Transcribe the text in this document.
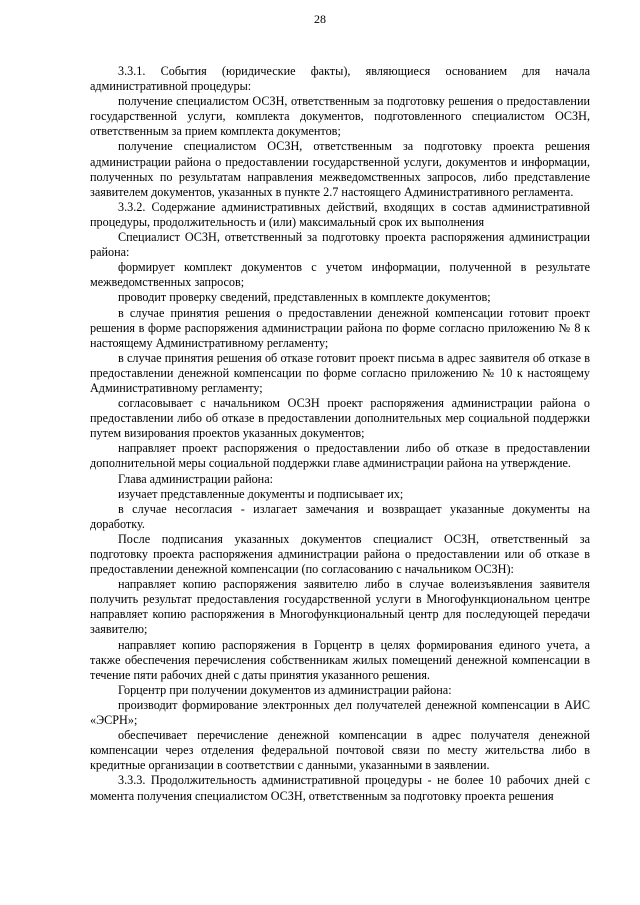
28

3.3.1. События (юридические факты), являющиеся основанием для начала административной процедуры:

получение специалистом ОСЗН, ответственным за подготовку решения о предоставлении государственной услуги, комплекта документов, подготовленного специалистом ОСЗН, ответственным за прием комплекта документов;

получение специалистом ОСЗН, ответственным за подготовку проекта решения администрации района о предоставлении государственной услуги, документов и информации, полученных по результатам направления межведомственных запросов, либо представление заявителем документов, указанных в пункте 2.7 настоящего Административного регламента.

3.3.2. Содержание административных действий, входящих в состав административной процедуры, продолжительность и (или) максимальный срок их выполнения

Специалист ОСЗН, ответственный за подготовку проекта распоряжения администрации района:

формирует комплект документов с учетом информации, полученной в результате межведомственных запросов;

проводит проверку сведений, представленных в комплекте документов;

в случае принятия решения о предоставлении денежной компенсации готовит проект решения в форме распоряжения администрации района по форме согласно приложению № 8 к настоящему Административному регламенту;

в случае принятия решения об отказе готовит проект письма в адрес заявителя об отказе в предоставлении денежной компенсации по форме согласно приложению № 10 к настоящему Административному регламенту;

согласовывает с начальником ОСЗН проект распоряжения администрации района о предоставлении либо об отказе в предоставлении дополнительных мер социальной поддержки путем визирования проектов указанных документов;

направляет проект распоряжения о предоставлении либо об отказе в предоставлении дополнительной меры социальной поддержки главе администрации района на утверждение.

Глава администрации района:

изучает представленные документы и подписывает их;

в случае несогласия - излагает замечания и возвращает указанные документы на доработку.

После подписания указанных документов специалист ОСЗН, ответственный за подготовку проекта распоряжения администрации района о предоставлении или об отказе в предоставлении денежной компенсации (по согласованию с начальником ОСЗН):

направляет копию распоряжения заявителю либо в случае волеизъявления заявителя получить результат предоставления государственной услуги в Многофункциональном центре направляет копию распоряжения в Многофункциональный центр для последующей передачи заявителю;

направляет копию распоряжения в Горцентр в целях формирования единого учета, а также обеспечения перечисления собственникам жилых помещений денежной компенсации в течение пяти рабочих дней с даты принятия указанного решения.

Горцентр при получении документов из администрации района:

производит формирование электронных дел получателей денежной компенсации в АИС «ЭСРН»;

обеспечивает перечисление денежной компенсации в адрес получателя денежной компенсации через отделения федеральной почтовой связи по месту жительства либо в кредитные организации в соответствии с данными, указанными в заявлении.

3.3.3. Продолжительность административной процедуры - не более 10 рабочих дней с момента получения специалистом ОСЗН, ответственным за подготовку проекта решения
